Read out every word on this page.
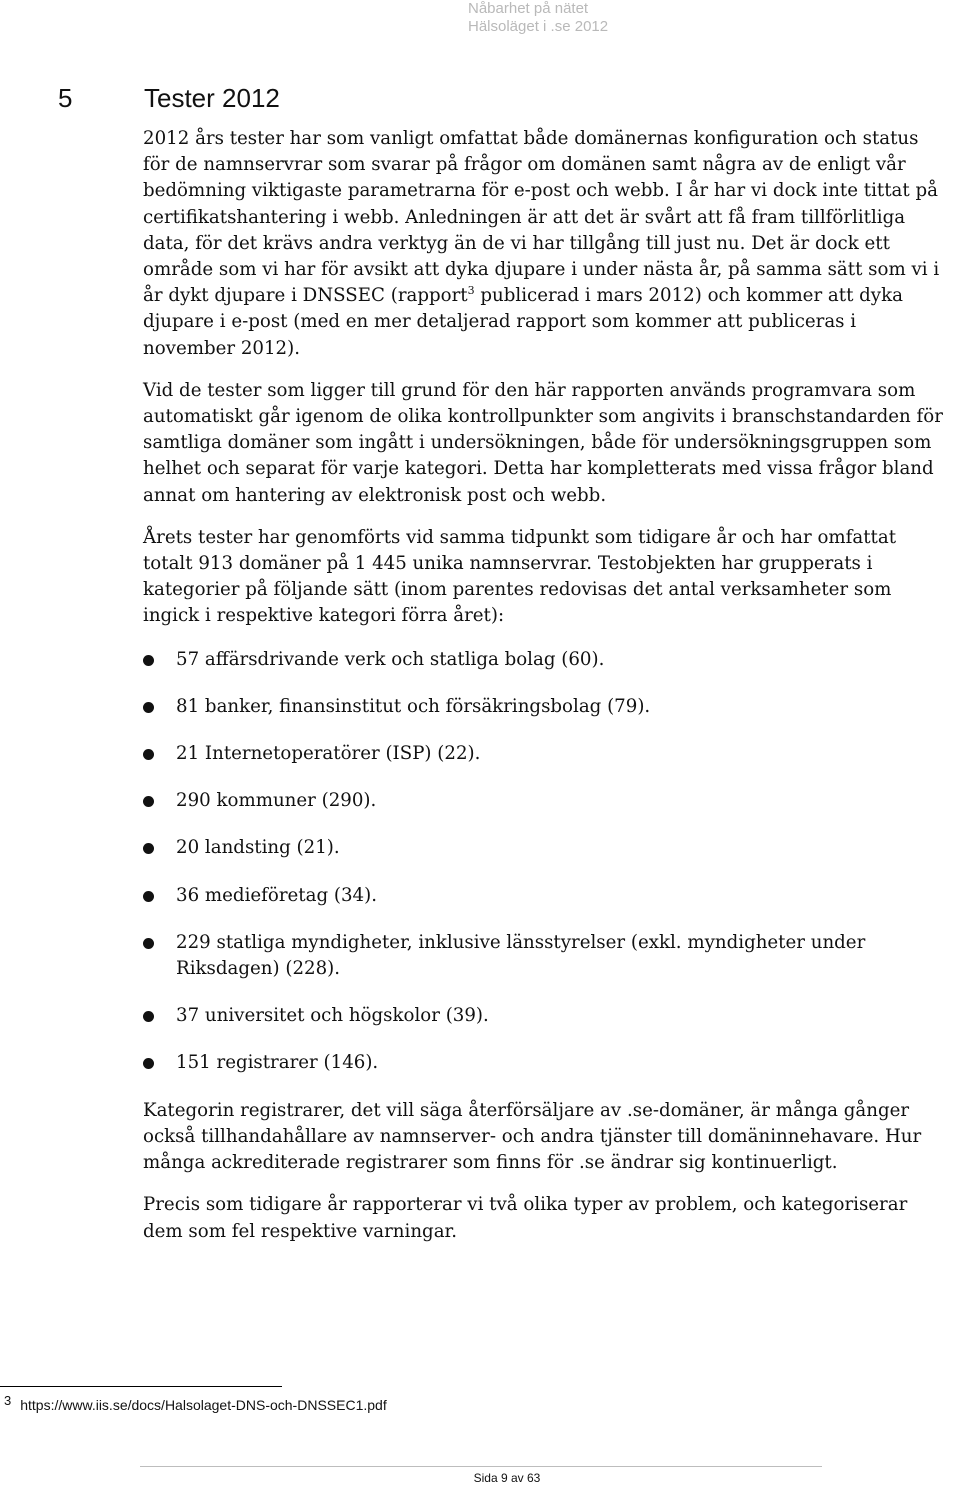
Nåbarhet på nätet
Hälsoläget i .se 2012
5	Tester 2012

2012 års tester har som vanligt omfattat både domänernas konfiguration och status för de namnservrar som svarar på frågor om domänen samt några av de enligt vår bedömning viktigaste parametrarna för e-post och webb. I år har vi dock inte tittat på certifikatshantering i webb. Anledningen är att det är svårt att få fram tillförlitliga data, för det krävs andra verktyg än de vi har tillgång till just nu. Det är dock ett område som vi har för avsikt att dyka djupare i under nästa år, på samma sätt som vi i år dykt djupare i DNSSEC (rapport$^3$ publicerad i mars 2012) och kommer att dyka djupare i e-post (med en mer detaljerad rapport som kommer att publiceras i november 2012).

Vid de tester som ligger till grund för den här rapporten används programvara som automatiskt går igenom de olika kontrollpunkter som angivits i branschstandarden för samtliga domäner som ingått i undersökningen, både för undersökningsgruppen som helhet och separat för varje kategori. Detta har kompletterats med vissa frågor bland annat om hantering av elektronisk post och webb.

Årets tester har genomförts vid samma tidpunkt som tidigare år och har omfattat totalt 913 domäner på 1 445 unika namnservrar. Testobjekten har grupperats i kategorier på följande sätt (inom parentes redovisas det antal verksamheter som ingick i respektive kategori förra året):

57 affärsdrivande verk och statliga bolag (60).
81 banker, finansinstitut och försäkringsbolag (79).
21 Internetoperatörer (ISP) (22).
290 kommuner (290).
20 landsting (21).
36 medieföretag (34).
229 statliga myndigheter, inklusive länsstyrelser (exkl. myndigheter under Riksdagen) (228).
37 universitet och högskolor (39).
151 registrarer (146).

Kategorin registrarer, det vill säga återförsäljare av .se-domäner, är många gånger också tillhandahållare av namnserver- och andra tjänster till domäninnehavare. Hur många ackrediterade registrarer som finns för .se ändrar sig kontinuerligt.

Precis som tidigare år rapporterar vi två olika typer av problem, och kategoriserar dem som fel respektive varningar.

3 https://www.iis.se/docs/Halsolaget-DNS-och-DNSSEC1.pdf
Sida 9 av 63
